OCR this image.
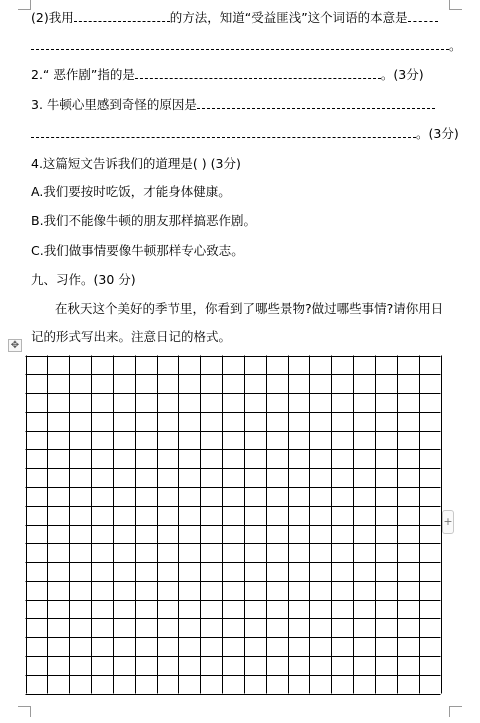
(2)我用	的方法，知道“受益匪浅”这个词语的本意是
。
2.“ 恶作剧”指的是	。(3分)
3. 牛顿心里感到奇怪的原因是
。(3分)
4.这篇短文告诉我们的道理是( ) (3分)
A.我们要按时吃饭，才能身体健康。
B.我们不能像牛顿的朋友那样搞恶作剧。
C.我们做事情要像牛顿那样专心致志。
九、习作。(30 分)
在秋天这个美好的季节里，你看到了哪些景物?做过哪些事情?请你用日
记的形式写出来。注意日记的格式。
✥
+
